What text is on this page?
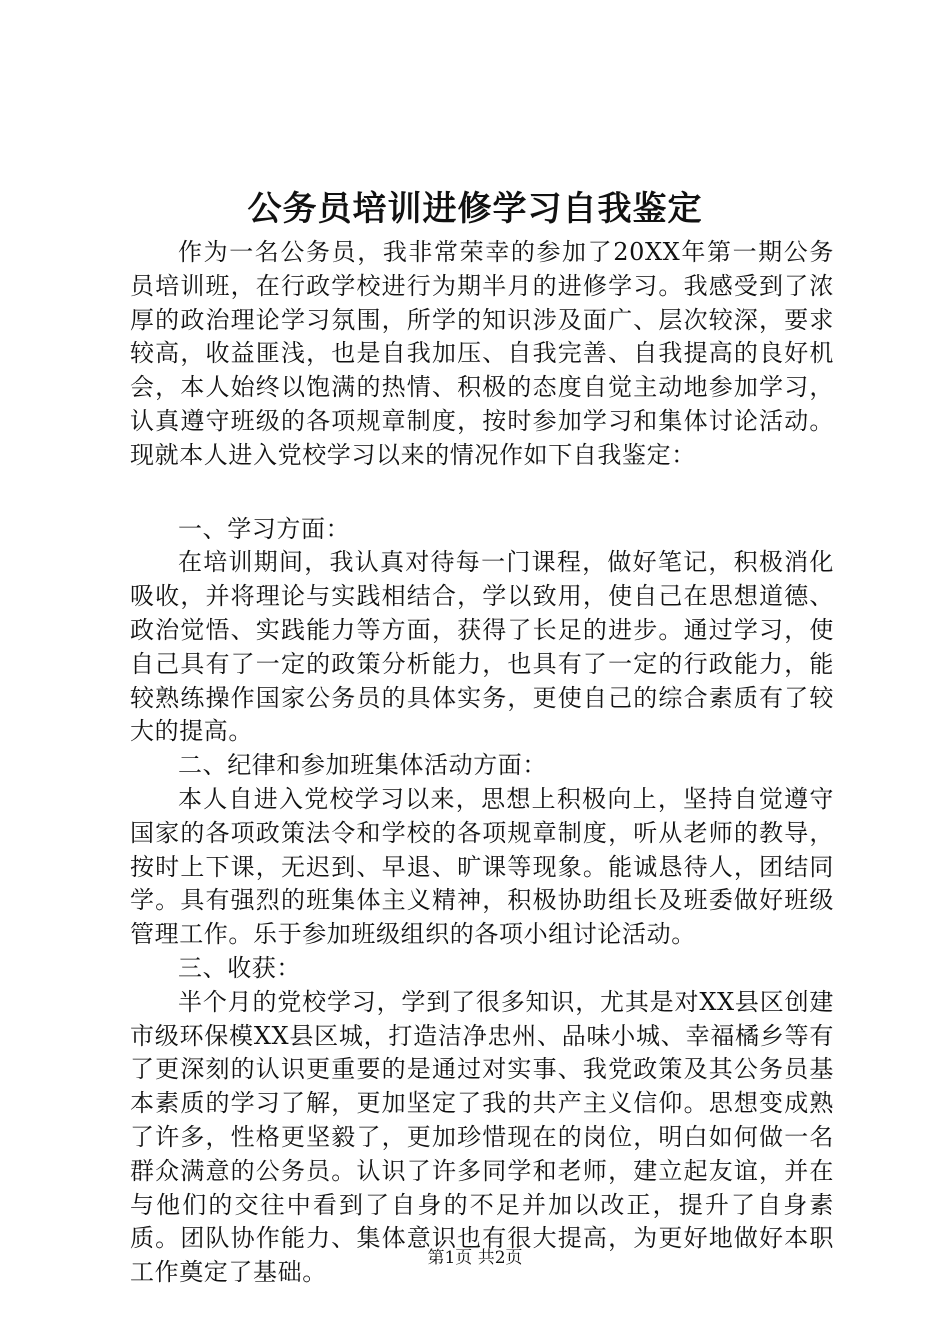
公务员培训进修学习自我鉴定

作为一名公务员，我非常荣幸的参加了20XX年第一期公务员培训班，在行政学校进行为期半月的进修学习。我感受到了浓厚的政治理论学习氛围，所学的知识涉及面广、层次较深，要求较高，收益匪浅，也是自我加压、自我完善、自我提高的良好机会，本人始终以饱满的热情、积极的态度自觉主动地参加学习，认真遵守班级的各项规章制度，按时参加学习和集体讨论活动。现就本人进入党校学习以来的情况作如下自我鉴定：

一、学习方面：

在培训期间，我认真对待每一门课程，做好笔记，积极消化吸收，并将理论与实践相结合，学以致用，使自己在思想道德、政治觉悟、实践能力等方面，获得了长足的进步。通过学习，使自己具有了一定的政策分析能力，也具有了一定的行政能力，能较熟练操作国家公务员的具体实务，更使自己的综合素质有了较大的提高。

二、纪律和参加班集体活动方面：

本人自进入党校学习以来，思想上积极向上，坚持自觉遵守国家的各项政策法令和学校的各项规章制度，听从老师的教导，按时上下课，无迟到、早退、旷课等现象。能诚恳待人，团结同学。具有强烈的班集体主义精神，积极协助组长及班委做好班级管理工作。乐于参加班级组织的各项小组讨论活动。

三、收获：

半个月的党校学习，学到了很多知识，尤其是对XX县区创建市级环保模XX县区城，打造洁净忠州、品味小城、幸福橘乡等有了更深刻的认识更重要的是通过对实事、我党政策及其公务员基本素质的学习了解，更加坚定了我的共产主义信仰。思想变成熟了许多，性格更坚毅了，更加珍惜现在的岗位，明白如何做一名群众满意的公务员。认识了许多同学和老师，建立起友谊，并在与他们的交往中看到了自身的不足并加以改正，提升了自身素质。团队协作能力、集体意识也有很大提高，为更好地做好本职工作奠定了基础。

第1页 共2页
